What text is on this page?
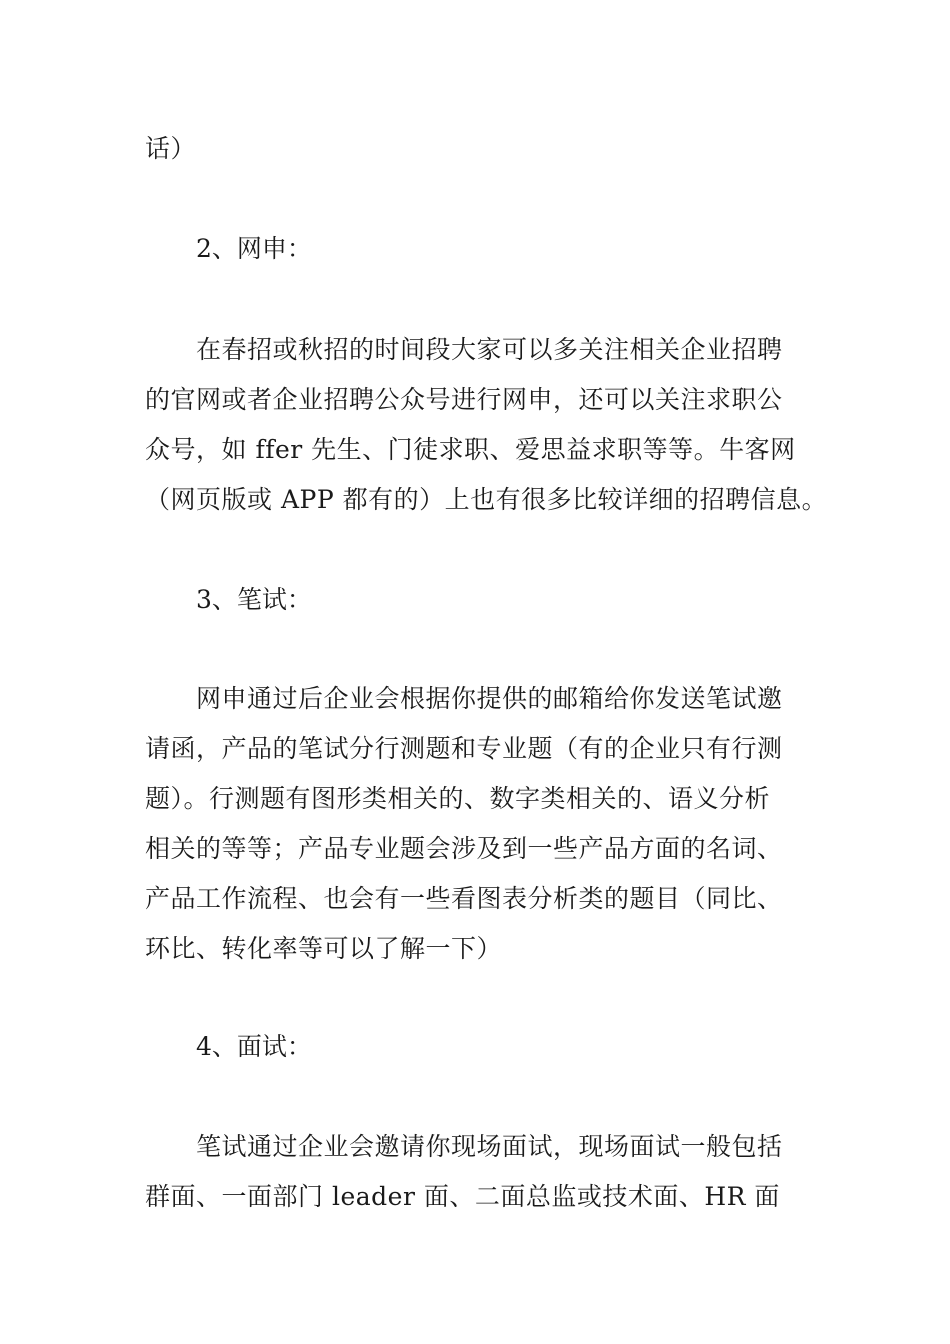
话）
2、网申：
在春招或秋招的时间段大家可以多关注相关企业招聘
的官网或者企业招聘公众号进行网申，还可以关注求职公
众号，如 ffer 先生、门徒求职、爱思益求职等等。牛客网
（网页版或 APP 都有的）上也有很多比较详细的招聘信息。
3、笔试：
网申通过后企业会根据你提供的邮箱给你发送笔试邀
请函，产品的笔试分行测题和专业题（有的企业只有行测
题）。行测题有图形类相关的、数字类相关的、语义分析
相关的等等；产品专业题会涉及到一些产品方面的名词、
产品工作流程、也会有一些看图表分析类的题目（同比、
环比、转化率等可以了解一下）
4、面试：
笔试通过企业会邀请你现场面试，现场面试一般包括
群面、一面部门 leader 面、二面总监或技术面、HR 面
